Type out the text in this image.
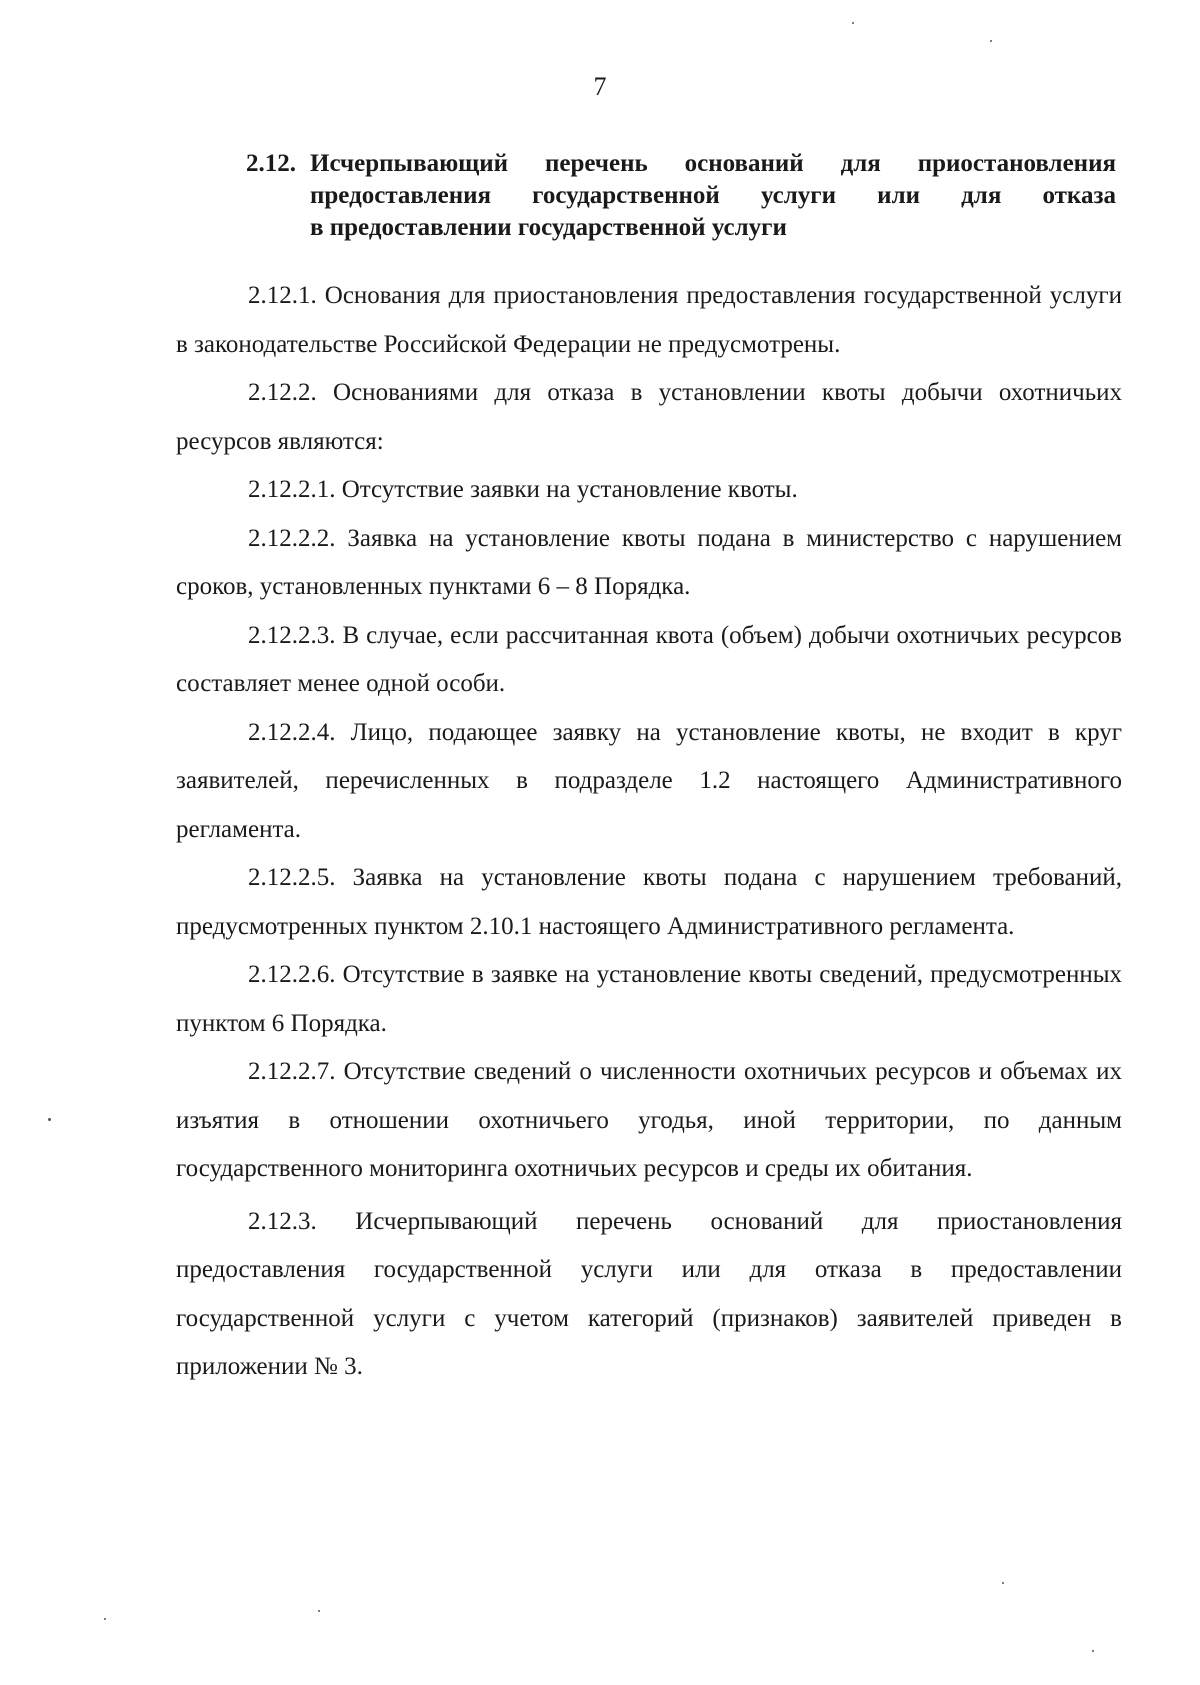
7
2.12. Исчерпывающий перечень оснований для приостановления
предоставления государственной услуги или для отказа
в предоставлении государственной услуги

2.12.1. Основания для приостановления предоставления государственной услуги в законодательстве Российской Федерации не предусмотрены.

2.12.2. Основаниями для отказа в установлении квоты добычи охотничьих ресурсов являются:

2.12.2.1. Отсутствие заявки на установление квоты.

2.12.2.2. Заявка на установление квоты подана в министерство с нарушением сроков, установленных пунктами 6 – 8 Порядка.

2.12.2.3. В случае, если рассчитанная квота (объем) добычи охотничьих ресурсов составляет менее одной особи.

2.12.2.4. Лицо, подающее заявку на установление квоты, не входит в круг заявителей, перечисленных в подразделе 1.2 настоящего Административного регламента.

2.12.2.5. Заявка на установление квоты подана с нарушением требований, предусмотренных пунктом 2.10.1 настоящего Административного регламента.

2.12.2.6. Отсутствие в заявке на установление квоты сведений, предусмотренных пунктом 6 Порядка.

2.12.2.7. Отсутствие сведений о численности охотничьих ресурсов и объемах их изъятия в отношении охотничьего угодья, иной территории, по данным государственного мониторинга охотничьих ресурсов и среды их обитания.

2.12.3. Исчерпывающий перечень оснований для приостановления предоставления государственной услуги или для отказа в предоставлении государственной услуги с учетом категорий (признаков) заявителей приведен в приложении № 3.
